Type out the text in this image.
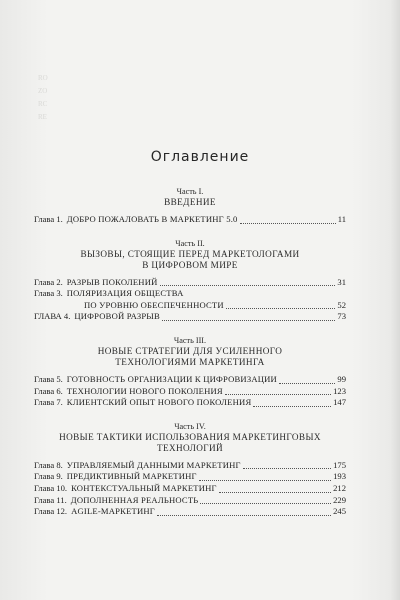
RO
ZO
RC
RE
Оглавление
Часть I.
ВВЕДЕНИЕ
Глава 1. ДОБРО ПОЖАЛОВАТЬ В МАРКЕТИНГ 5.0	11
Часть II.
ВЫЗОВЫ, СТОЯЩИЕ ПЕРЕД МАРКЕТОЛОГАМИ
В ЦИФРОВОМ МИРЕ
Глава 2. РАЗРЫВ ПОКОЛЕНИЙ	31
Глава 3. ПОЛЯРИЗАЦИЯ ОБЩЕСТВА
ПО УРОВНЮ ОБЕСПЕЧЕННОСТИ	52
ГЛАВА 4. ЦИФРОВОЙ РАЗРЫВ	73
Часть III.
НОВЫЕ СТРАТЕГИИ ДЛЯ УСИЛЕННОГО
ТЕХНОЛОГИЯМИ МАРКЕТИНГА
Глава 5. ГОТОВНОСТЬ ОРГАНИЗАЦИИ К ЦИФРОВИЗАЦИИ	99
Глава 6. ТЕХНОЛОГИИ НОВОГО ПОКОЛЕНИЯ	123
Глава 7. КЛИЕНТСКИЙ ОПЫТ НОВОГО ПОКОЛЕНИЯ	147
Часть IV.
НОВЫЕ ТАКТИКИ ИСПОЛЬЗОВАНИЯ МАРКЕТИНГОВЫХ
ТЕХНОЛОГИЙ
Глава 8. УПРАВЛЯЕМЫЙ ДАННЫМИ МАРКЕТИНГ	175
Глава 9. ПРЕДИКТИВНЫЙ МАРКЕТИНГ	193
Глава 10. КОНТЕКСТУАЛЬНЫЙ МАРКЕТИНГ	212
Глава 11. ДОПОЛНЕННАЯ РЕАЛЬНОСТЬ	229
Глава 12. AGILE-МАРКЕТИНГ	245
